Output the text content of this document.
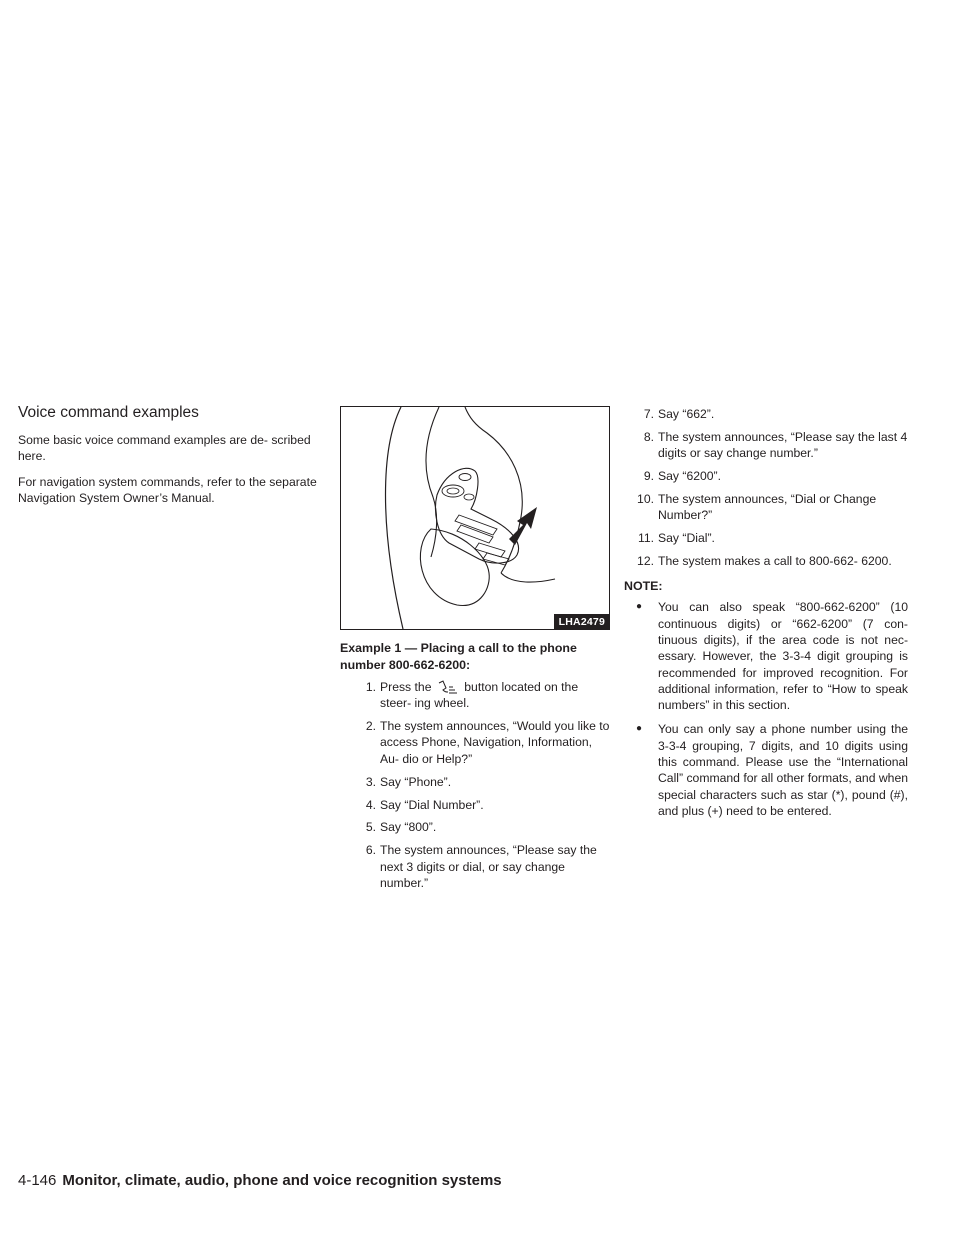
Voice command examples

Some basic voice command examples are de- scribed here.

For navigation system commands, refer to the separate Navigation System Owner’s Manual.

LHA2479
Example 1 — Placing a call to the phone number 800-662-6200:
1. Press the	button located on the steer- ing wheel.
2. The system announces, “Would you like to access Phone, Navigation, Information, Au- dio or Help?”
3. Say “Phone”.
4. Say “Dial Number”.
5. Say “800”.
6. The system announces, “Please say the next 3 digits or dial, or say change number.”
7. Say “662”.
8. The system announces, “Please say the last 4 digits or say change number.”
9. Say “6200”.
10. The system announces, “Dial or Change Number?”
11. Say “Dial”.
12. The system makes a call to 800-662- 6200.
NOTE:
● You can also speak “800-662-6200” (10 continuous digits) or “662-6200” (7 con- tinuous digits), if the area code is not nec- essary. However, the 3-3-4 digit grouping is recommended for improved recognition. For additional information, refer to “How to speak numbers” in this section.
● You can only say a phone number using the 3-3-4 grouping, 7 digits, and 10 digits using this command. Please use the “International Call” command for all other formats, and when special characters such as star (*), pound (#), and plus (+) need to be entered.
4-146 Monitor, climate, audio, phone and voice recognition systems
